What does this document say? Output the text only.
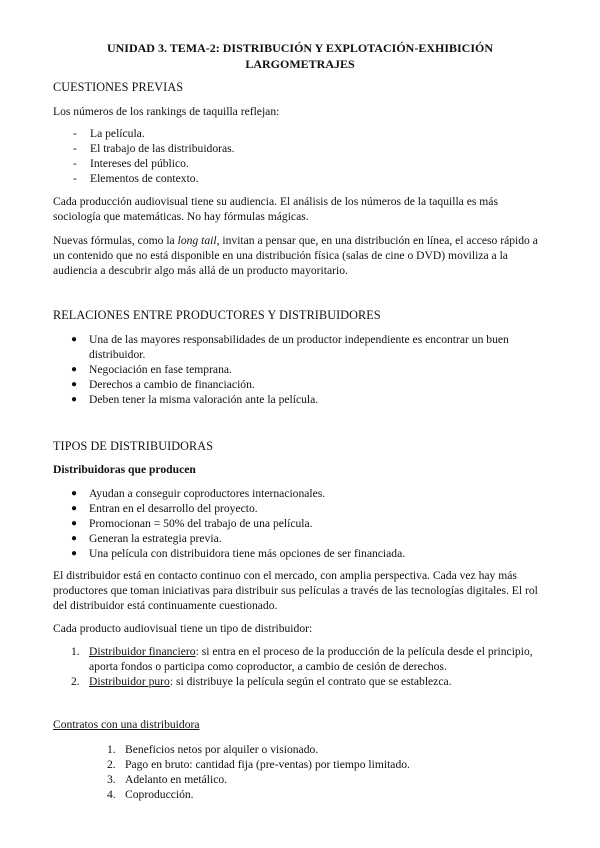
UNIDAD 3. TEMA-2: DISTRIBUCIÓN Y EXPLOTACIÓN-EXHIBICIÓN
LARGOMETRAJES
CUESTIONES PREVIAS

Los números de los rankings de taquilla reflejan:

- La película.
- El trabajo de las distribuidoras.
- Intereses del público.
- Elementos de contexto.

Cada producción audiovisual tiene su audiencia. El análisis de los números de la taquilla es más sociología que matemáticas. No hay fórmulas mágicas.

Nuevas fórmulas, como la long tail, invitan a pensar que, en una distribución en línea, el acceso rápido a un contenido que no está disponible en una distribución física (salas de cine o DVD) moviliza a la audiencia a descubrir algo más allá de un producto mayoritario.

RELACIONES ENTRE PRODUCTORES Y DISTRIBUIDORES
● Una de las mayores responsabilidades de un productor independiente es encontrar un buen distribuidor.
● Negociación en fase temprana.
● Derechos a cambio de financiación.
● Deben tener la misma valoración ante la película.
TIPOS DE DISTRIBUIDORAS
Distribuidoras que producen
● Ayudan a conseguir coproductores internacionales.
● Entran en el desarrollo del proyecto.
● Promocionan = 50% del trabajo de una película.
● Generan la estrategia previa.
● Una película con distribuidora tiene más opciones de ser financiada.

El distribuidor está en contacto continuo con el mercado, con amplia perspectiva. Cada vez hay más productores que toman iniciativas para distribuir sus películas a través de las tecnologías digitales. El rol del distribuidor está continuamente cuestionado.

Cada producto audiovisual tiene un tipo de distribuidor:

1. Distribuidor financiero: si entra en el proceso de la producción de la película desde el principio, aporta fondos o participa como coproductor, a cambio de cesión de derechos.
2. Distribuidor puro: si distribuye la película según el contrato que se establezca.
Contratos con una distribuidora
1. Beneficios netos por alquiler o visionado.
2. Pago en bruto: cantidad fija (pre-ventas) por tiempo limitado.
3. Adelanto en metálico.
4. Coproducción.
